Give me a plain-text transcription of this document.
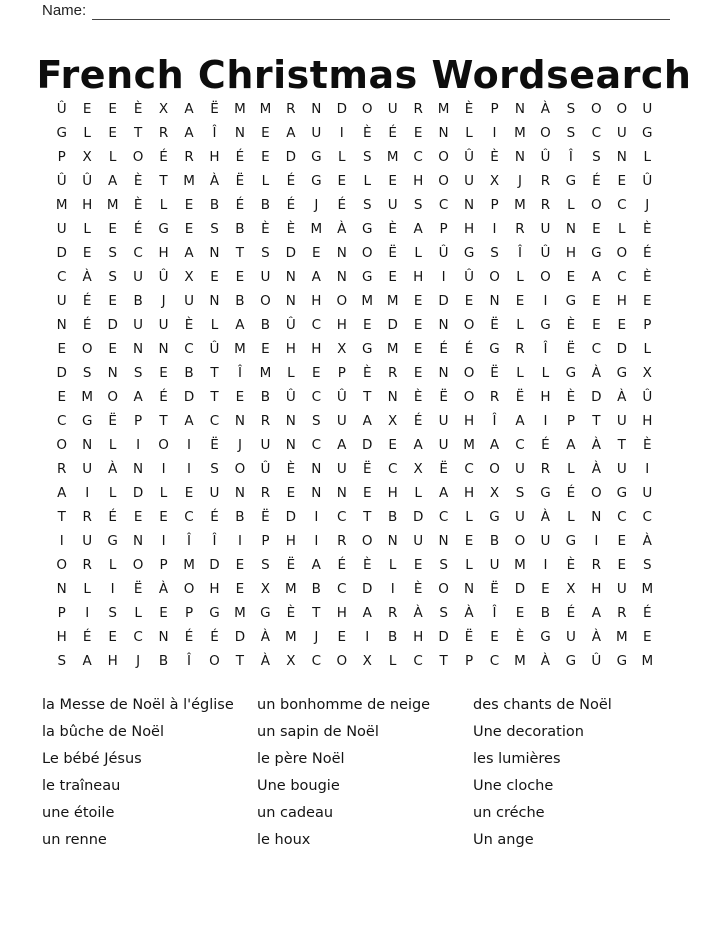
Name:
French Christmas Wordsearch
Û	E	E	È	X	A	Ë	M	M	R	N	D	O	U	R	M	È	P	N	À	S	O	O	U
G	L	E	T	R	A	Î	N	E	A	U	I	È	É	E	N	L	I	M	O	S	C	U	G
P	X	L	O	É	R	H	É	E	D	G	L	S	M	C	O	Û	È	N	Û	Î	S	N	L
Û	Û	A	È	T	M	À	Ë	L	É	G	E	L	E	H	O	U	X	J	R	G	É	E	Û
M	H	M	È	L	E	B	É	B	É	J	É	S	U	S	C	N	P	M	R	L	O	C	J
U	L	E	É	G	E	S	B	È	È	M	À	G	È	A	P	H	I	R	U	N	E	L	È
D	E	S	C	H	A	N	T	S	D	E	N	O	Ë	L	Û	G	S	Î	Û	H	G	O	É
C	À	S	U	Û	X	E	E	U	N	A	N	G	E	H	I	Û	O	L	O	E	A	C	È
U	É	E	B	J	U	N	B	O	N	H	O	M	M	E	D	E	N	E	I	G	E	H	E
N	É	D	U	U	È	L	A	B	Û	C	H	E	D	E	N	O	Ë	L	G	È	E	E	P
E	O	E	N	N	C	Û	M	E	H	H	X	G	M	E	É	É	G	R	Î	Ë	C	D	L
D	S	N	S	E	B	T	Î	M	L	E	P	È	R	E	N	O	Ë	L	L	G	À	G	X
E	M	O	A	É	D	T	E	B	Û	C	Û	T	N	È	Ë	O	R	Ë	H	È	D	À	Û
C	G	Ë	P	T	A	C	N	R	N	S	U	A	X	É	U	H	Î	A	I	P	T	U	H
O	N	L	I	O	I	Ë	J	U	N	C	A	D	E	A	U	M	A	C	É	A	À	T	È
R	U	À	N	I	I	S	O	Û	È	N	U	Ë	C	X	Ë	C	O	U	R	L	À	U	I
A	I	L	D	L	E	U	N	R	E	N	N	E	H	L	A	H	X	S	G	É	O	G	U
T	R	É	E	E	C	É	B	Ë	D	I	C	T	B	D	C	L	G	U	À	L	N	C	C
I	U	G	N	I	Î	Î	I	P	H	I	R	O	N	U	N	E	B	O	U	G	I	E	À
O	R	L	O	P	M	D	E	S	Ë	A	É	È	L	E	S	L	U	M	I	È	R	E	S
N	L	I	Ë	À	O	H	E	X	M	B	C	D	I	È	O	N	Ë	D	E	X	H	U	M
P	I	S	L	E	P	G	M	G	È	T	H	A	R	À	S	À	Î	E	B	É	A	R	É
H	É	E	C	N	É	É	D	À	M	J	E	I	B	H	D	Ë	E	È	G	U	À	M	E
S	A	H	J	B	Î	O	T	À	X	C	O	X	L	C	T	P	C	M	À	G	Û	G	M
la Messe de Noël à l'église
la bûche de Noël
Le bébé Jésus
le traîneau
une étoile
un renne
un bonhomme de neige
un sapin de Noël
le père Noël
Une bougie
un cadeau
le houx
des chants de Noël
Une decoration
les lumières
Une cloche
un créche
Un ange
